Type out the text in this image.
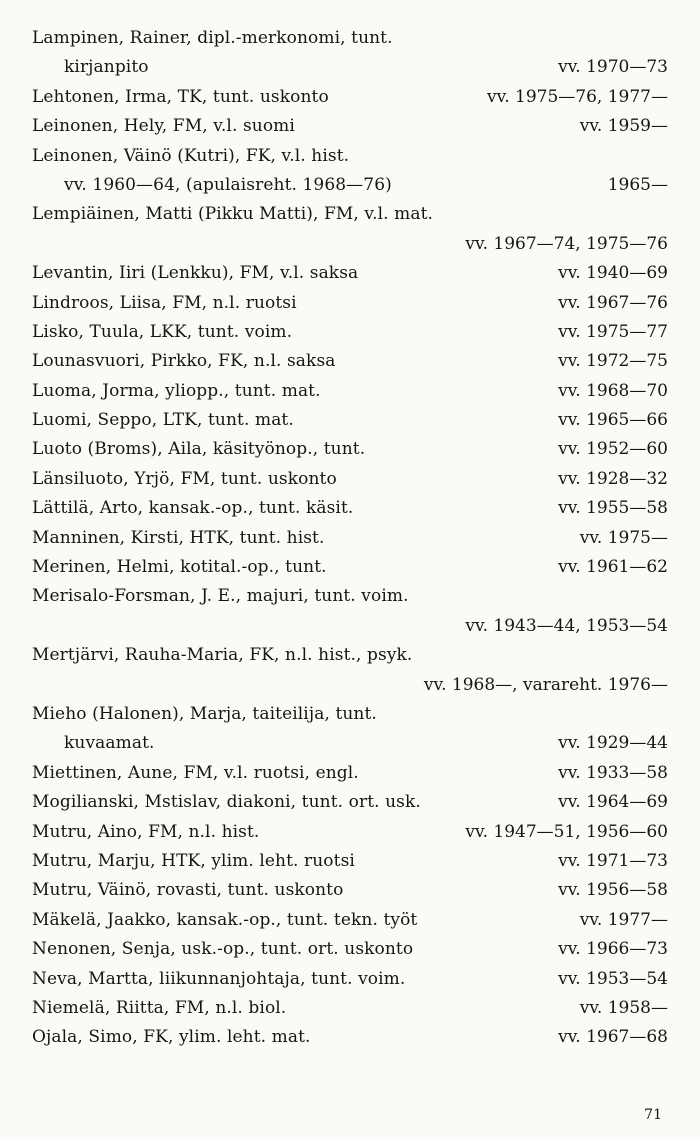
Lampinen, Rainer, dipl.-merkonomi, tunt.
kirjanpito	vv. 1970—73
Lehtonen, Irma, TK, tunt. uskonto	vv. 1975—76, 1977—
Leinonen, Hely, FM, v.l. suomi	vv. 1959—
Leinonen, Väinö (Kutri), FK, v.l. hist.
vv. 1960—64, (apulaisreht. 1968—76)	1965—
Lempiäinen, Matti (Pikku Matti), FM, v.l. mat.
vv. 1967—74, 1975—76
Levantin, Iiri (Lenkku), FM, v.l. saksa	vv. 1940—69
Lindroos, Liisa, FM, n.l. ruotsi	vv. 1967—76
Lisko, Tuula, LKK, tunt. voim.	vv. 1975—77
Lounasvuori, Pirkko, FK, n.l. saksa	vv. 1972—75
Luoma, Jorma, yliopp., tunt. mat.	vv. 1968—70
Luomi, Seppo, LTK, tunt. mat.	vv. 1965—66
Luoto (Broms), Aila, käsityönop., tunt.	vv. 1952—60
Länsiluoto, Yrjö, FM, tunt. uskonto	vv. 1928—32
Lättilä, Arto, kansak.-op., tunt. käsit.	vv. 1955—58
Manninen, Kirsti, HTK, tunt. hist.	vv. 1975—
Merinen, Helmi, kotital.-op., tunt.	vv. 1961—62
Merisalo-Forsman, J. E., majuri, tunt. voim.
vv. 1943—44, 1953—54
Mertjärvi, Rauha-Maria, FK, n.l. hist., psyk.
vv. 1968—, varareht. 1976—
Mieho (Halonen), Marja, taiteilija, tunt.
kuvaamat.	vv. 1929—44
Miettinen, Aune, FM, v.l. ruotsi, engl.	vv. 1933—58
Mogilianski, Mstislav, diakoni, tunt. ort. usk.	vv. 1964—69
Mutru, Aino, FM, n.l. hist.	vv. 1947—51, 1956—60
Mutru, Marju, HTK, ylim. leht. ruotsi	vv. 1971—73
Mutru, Väinö, rovasti, tunt. uskonto	vv. 1956—58
Mäkelä, Jaakko, kansak.-op., tunt. tekn. työt	vv. 1977—
Nenonen, Senja, usk.-op., tunt. ort. uskonto	vv. 1966—73
Neva, Martta, liikunnanjohtaja, tunt. voim.	vv. 1953—54
Niemelä, Riitta, FM, n.l. biol.	vv. 1958—
Ojala, Simo, FK, ylim. leht. mat.	vv. 1967—68
71
